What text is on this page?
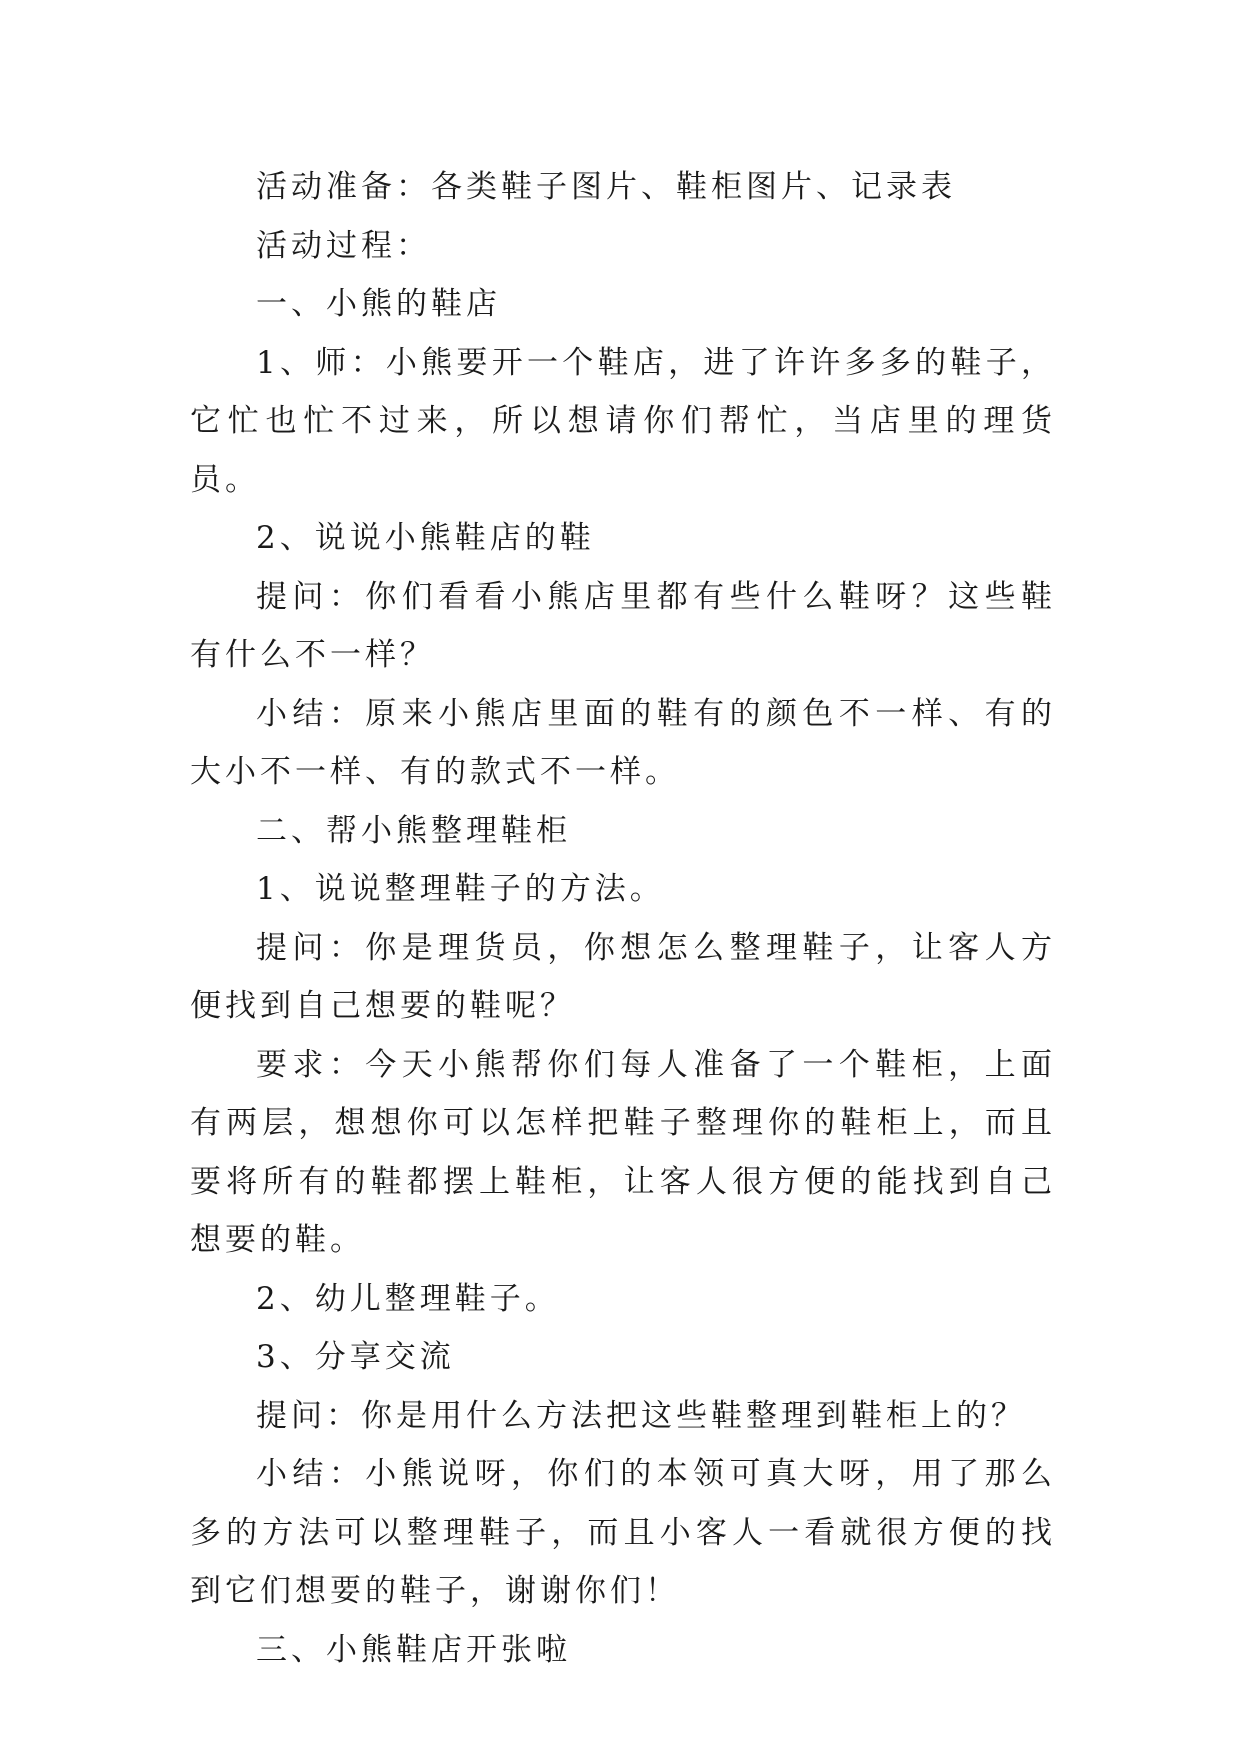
活动准备：各类鞋子图片、鞋柜图片、记录表

活动过程：

一、小熊的鞋店

1、师：小熊要开一个鞋店，进了许许多多的鞋子，它忙也忙不过来，所以想请你们帮忙，当店里的理货员。

2、说说小熊鞋店的鞋

提问：你们看看小熊店里都有些什么鞋呀？这些鞋有什么不一样？

小结：原来小熊店里面的鞋有的颜色不一样、有的大小不一样、有的款式不一样。

二、帮小熊整理鞋柜

1、说说整理鞋子的方法。

提问：你是理货员，你想怎么整理鞋子，让客人方便找到自己想要的鞋呢？

要求：今天小熊帮你们每人准备了一个鞋柜，上面有两层，想想你可以怎样把鞋子整理你的鞋柜上，而且要将所有的鞋都摆上鞋柜，让客人很方便的能找到自己想要的鞋。

2、幼儿整理鞋子。

3、分享交流

提问：你是用什么方法把这些鞋整理到鞋柜上的？

小结：小熊说呀，你们的本领可真大呀，用了那么多的方法可以整理鞋子，而且小客人一看就很方便的找到它们想要的鞋子，谢谢你们！

三、小熊鞋店开张啦
